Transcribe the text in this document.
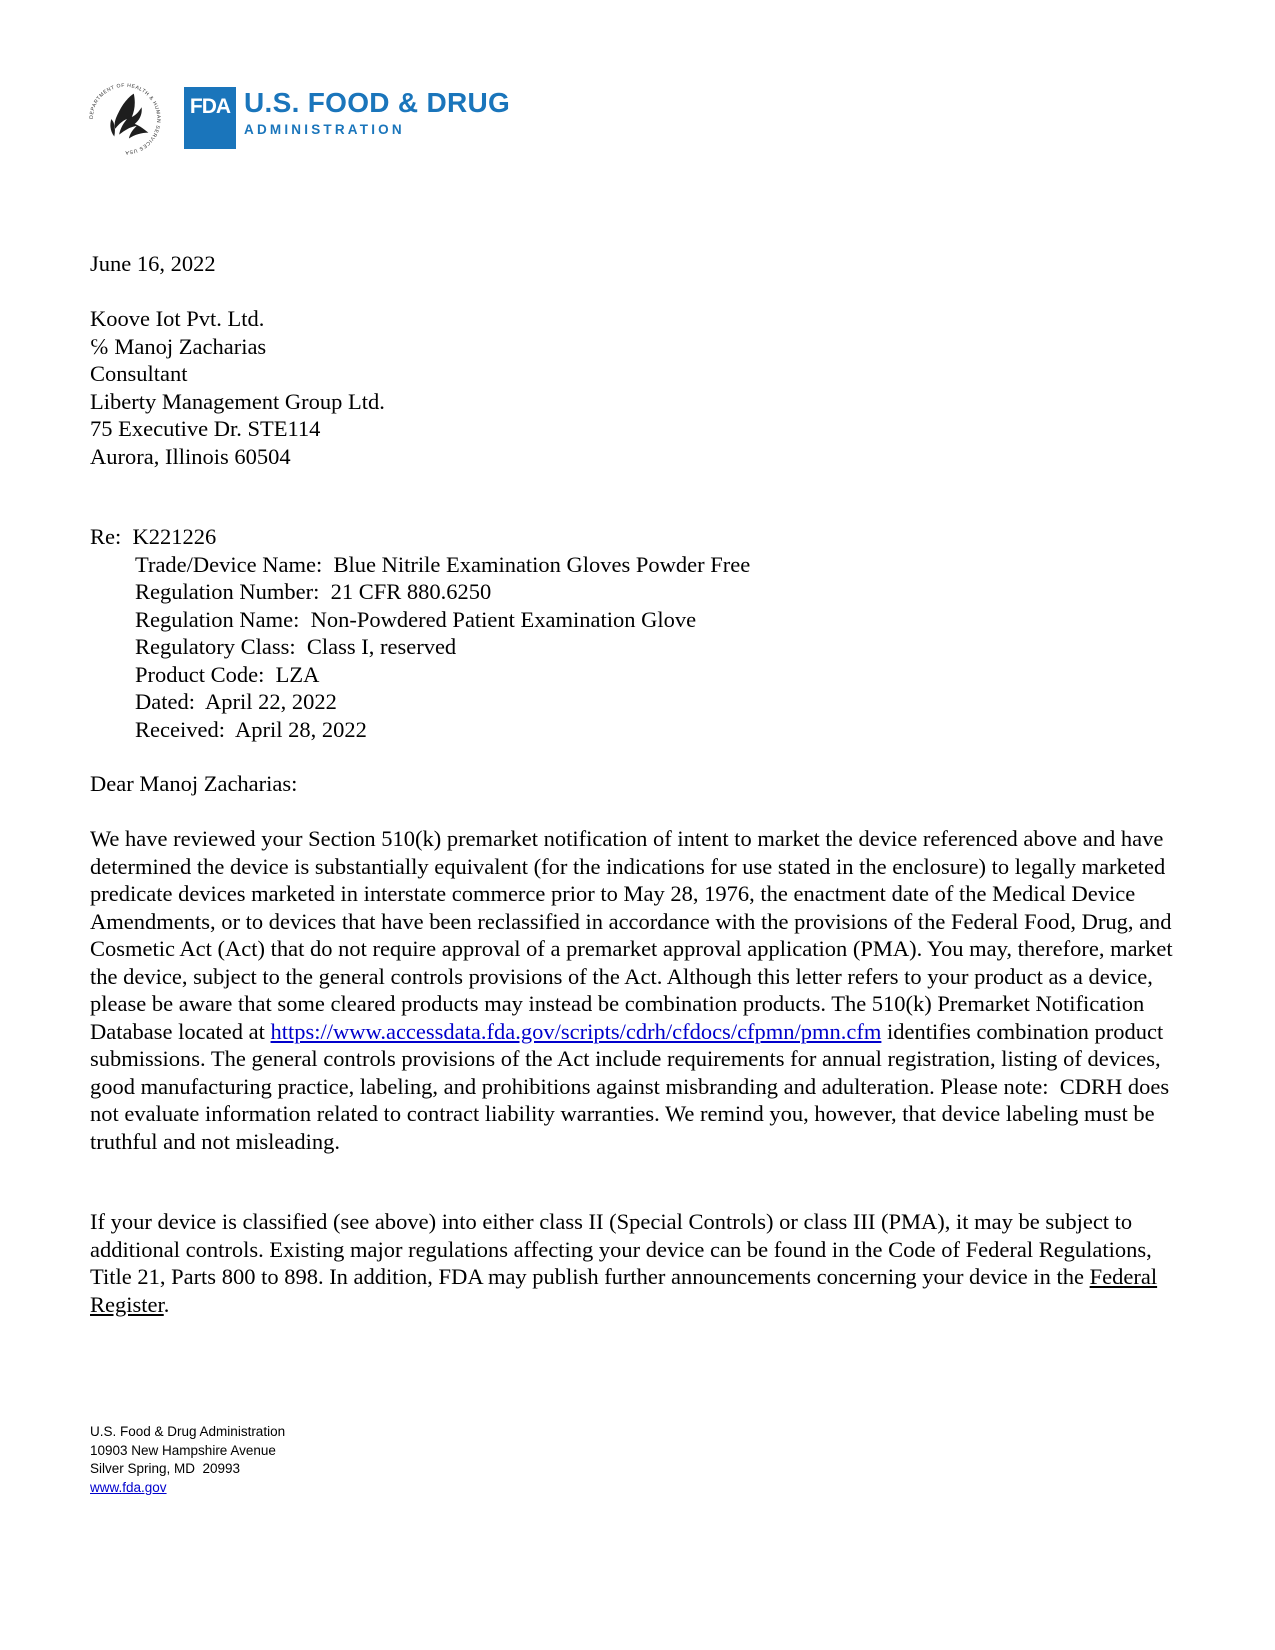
DEPARTMENT OF HEALTH & HUMAN SERVICES USA
FDA U.S. FOOD & DRUG
ADMINISTRATION
June 16, 2022

Koove Iot Pvt. Ltd.

℅ Manoj Zacharias

Consultant

Liberty Management Group Ltd.

75 Executive Dr. STE114

Aurora, Illinois 60504

Re:  K221226

Trade/Device Name:  Blue Nitrile Examination Gloves Powder Free

Regulation Number:  21 CFR 880.6250

Regulation Name:  Non-Powdered Patient Examination Glove

Regulatory Class:  Class I, reserved

Product Code:  LZA

Dated:  April 22, 2022

Received:  April 28, 2022

Dear Manoj Zacharias:
We have reviewed your Section 510(k) premarket notification of intent to market the device referenced above and have determined the device is substantially equivalent (for the indications for use stated in the enclosure) to legally marketed predicate devices marketed in interstate commerce prior to May 28, 1976, the enactment date of the Medical Device Amendments, or to devices that have been reclassified in accordance with the provisions of the Federal Food, Drug, and Cosmetic Act (Act) that do not require approval of a premarket approval application (PMA). You may, therefore, market the device, subject to the general controls provisions of the Act. Although this letter refers to your product as a device, please be aware that some cleared products may instead be combination products. The 510(k) Premarket Notification Database located at https://www.accessdata.fda.gov/scripts/cdrh/cfdocs/cfpmn/pmn.cfm identifies combination product submissions. The general controls provisions of the Act include requirements for annual registration, listing of devices, good manufacturing practice, labeling, and prohibitions against misbranding and adulteration. Please note:  CDRH does not evaluate information related to contract liability warranties. We remind you, however, that device labeling must be truthful and not misleading.
If your device is classified (see above) into either class II (Special Controls) or class III (PMA), it may be subject to additional controls. Existing major regulations affecting your device can be found in the Code of Federal Regulations, Title 21, Parts 800 to 898. In addition, FDA may publish further announcements concerning your device in the Federal Register.

U.S. Food & Drug Administration

10903 New Hampshire Avenue

Silver Spring, MD  20993

www.fda.gov
